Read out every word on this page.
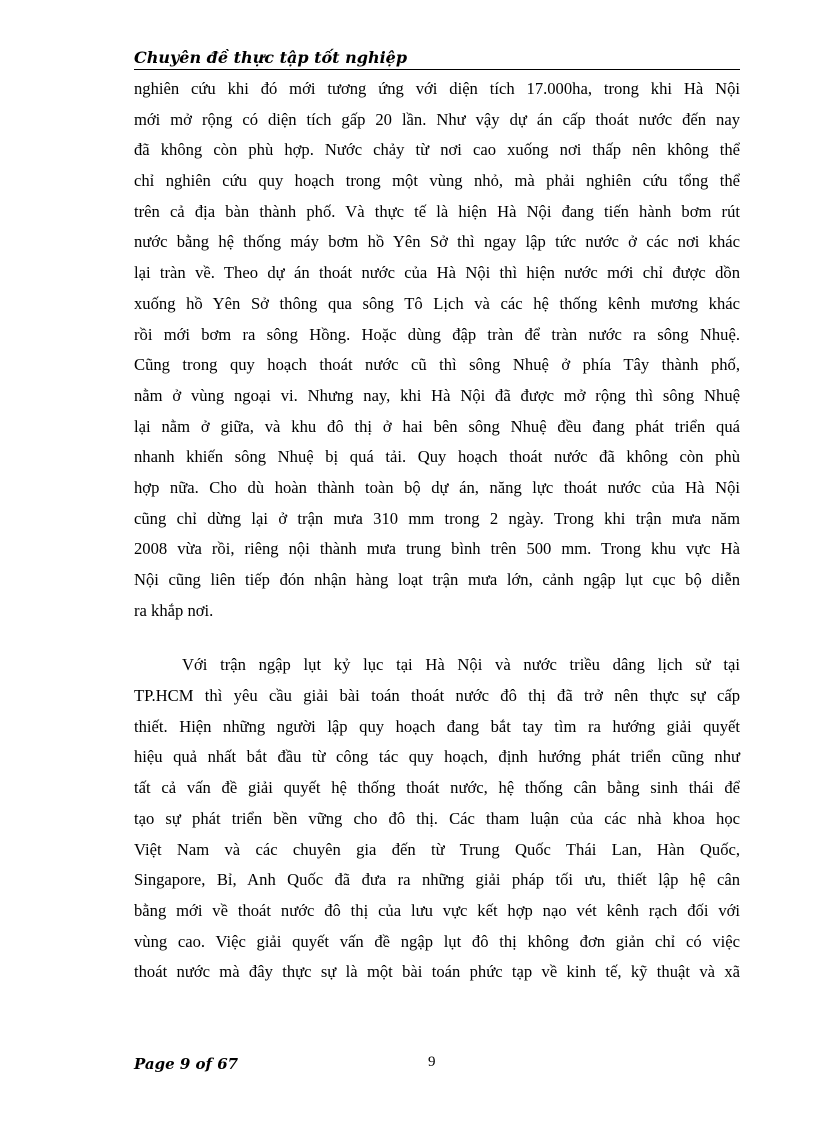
Chuyên đề thực tập tốt nghiệp
nghiên cứu khi đó mới tương ứng với diện tích 17.000ha, trong khi Hà Nội
mới mở rộng có diện tích gấp 20 lần. Như vậy dự án cấp thoát nước đến nay
đã không còn phù hợp. Nước chảy từ nơi cao xuống nơi thấp nên không thể
chỉ nghiên cứu quy hoạch trong một vùng nhỏ, mà phải nghiên cứu tổng thể
trên cả địa bàn thành phố. Và thực tế là hiện Hà Nội đang tiến hành bơm rút
nước bằng hệ thống máy bơm hồ Yên Sở thì ngay lập tức nước ở các nơi khác
lại tràn về. Theo dự án thoát nước của Hà Nội thì hiện nước mới chỉ được dồn
xuống hồ Yên Sở thông qua sông Tô Lịch và các hệ thống kênh mương khác
rồi mới bơm ra sông Hồng. Hoặc dùng đập tràn để tràn nước ra sông Nhuệ.
Cũng trong quy hoạch thoát nước cũ thì sông Nhuệ ở phía Tây thành phố,
nằm ở vùng ngoại vi. Nhưng nay, khi Hà Nội đã được mở rộng thì sông Nhuệ
lại nằm ở giữa, và khu đô thị ở hai bên sông Nhuệ đều đang phát triển quá
nhanh khiến sông Nhuệ bị quá tải. Quy hoạch thoát nước đã không còn phù
hợp nữa. Cho dù hoàn thành toàn bộ dự án, năng lực thoát nước của Hà Nội
cũng chỉ dừng lại ở trận mưa 310 mm trong 2 ngày. Trong khi trận mưa năm
2008 vừa rồi, riêng nội thành mưa trung bình trên 500 mm. Trong khu vực Hà
Nội cũng liên tiếp đón nhận hàng loạt trận mưa lớn, cảnh ngập lụt cục bộ diễn
ra khắp nơi.
Với trận ngập lụt kỷ lục tại Hà Nội và nước triều dâng lịch sử tại
TP.HCM thì yêu cầu giải bài toán thoát nước đô thị đã trở nên thực sự cấp
thiết. Hiện những người lập quy hoạch đang bắt tay tìm ra hướng giải quyết
hiệu quả nhất bắt đầu từ công tác quy hoạch, định hướng phát triển cũng như
tất cả vấn đề giải quyết hệ thống thoát nước, hệ thống cân bằng sinh thái để
tạo sự phát triển bền vững cho đô thị. Các tham luận của các nhà khoa học
Việt Nam và các chuyên gia đến từ Trung Quốc Thái Lan, Hàn Quốc,
Singapore, Bỉ, Anh Quốc đã đưa ra những giải pháp tối ưu, thiết lập hệ cân
bằng mới về thoát nước đô thị của lưu vực kết hợp nạo vét kênh rạch đối với
vùng cao. Việc giải quyết vấn đề ngập lụt đô thị không đơn giản chỉ có việc
thoát nước mà đây thực sự là một bài toán phức tạp về kinh tế, kỹ thuật và xã
Page 9 of 67	9
